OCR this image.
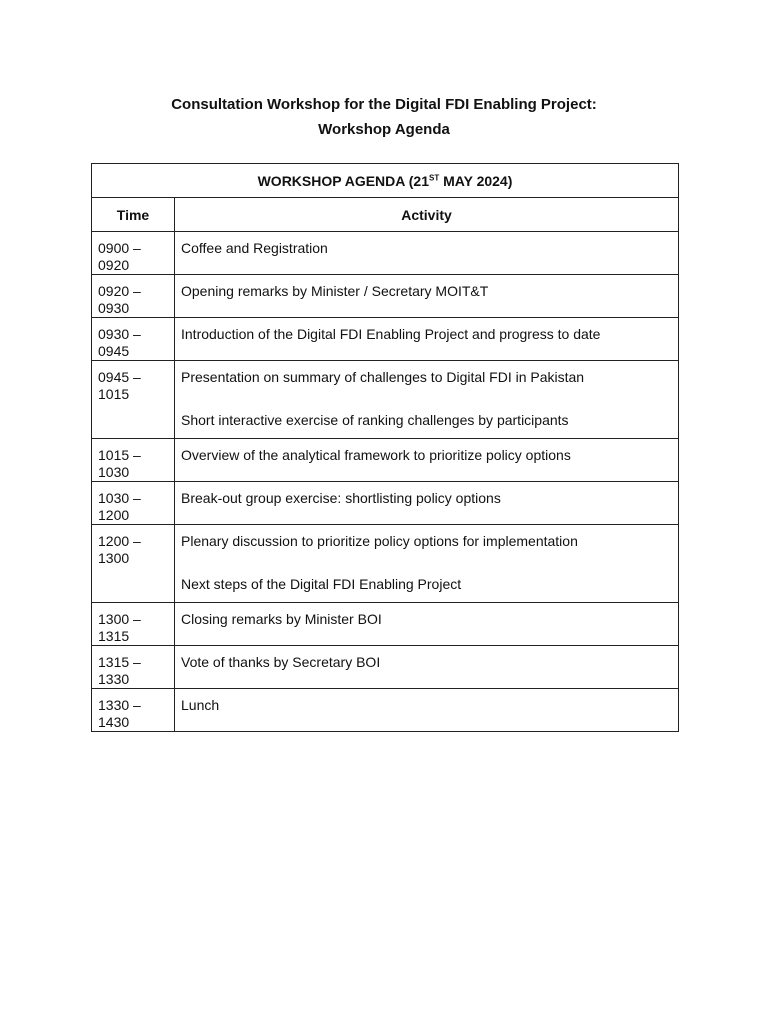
Consultation Workshop for the Digital FDI Enabling Project:
Workshop Agenda
WORKSHOP AGENDA (21ST MAY 2024)	
Time	Activity
0900 – 0920	Coffee and Registration
0920 – 0930	Opening remarks by Minister / Secretary MOIT&T
0930 – 0945	Introduction of the Digital FDI Enabling Project and progress to date
0945 – 1015	Presentation on summary of challenges to Digital FDI in Pakistan
Short interactive exercise of ranking challenges by participants

1015 – 1030	Overview of the analytical framework to prioritize policy options
1030 – 1200	Break-out group exercise: shortlisting policy options
1200 – 1300	Plenary discussion to prioritize policy options for implementation
Next steps of the Digital FDI Enabling Project

1300 – 1315	Closing remarks by Minister BOI
1315 – 1330	Vote of thanks by Secretary BOI
1330 – 1430	Lunch
